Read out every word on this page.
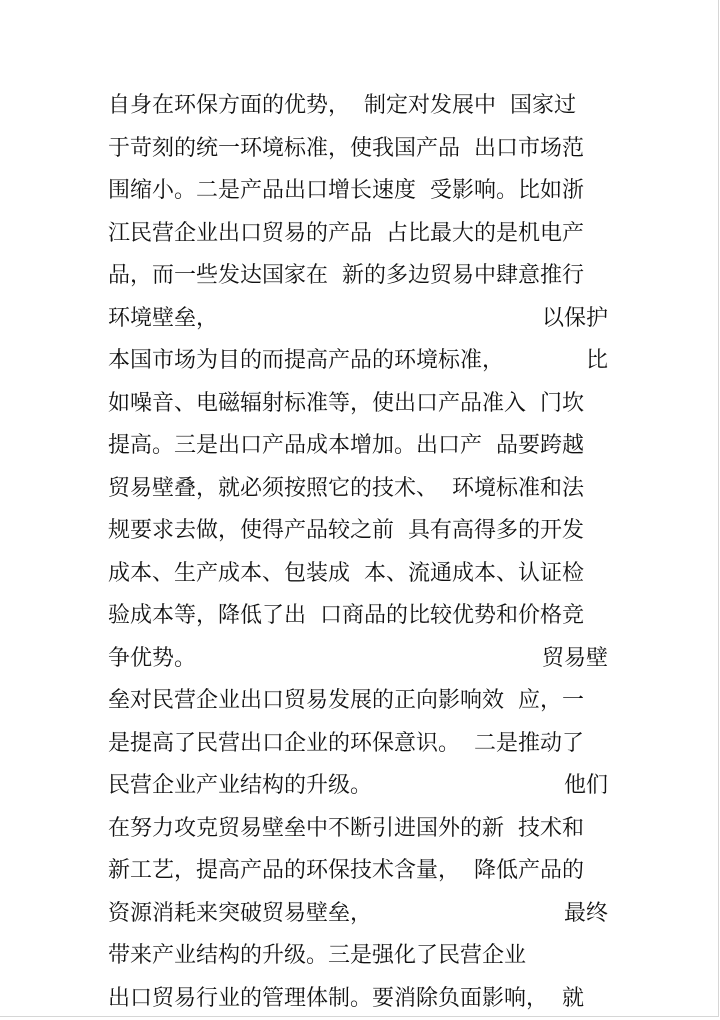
自身在环保方面的优势，  制定对发展中  国家过
于苛刻的统一环境标准，使我国产品  出口市场范
围缩小。二是产品出口增长速度  受影响。比如浙
江民营企业出口贸易的产品  占比最大的是机电产
品，而一些发达国家在  新的多边贸易中肆意推行
环境壁垒，	以保护
本国市场为目的而提高产品的环境标准，	比
如噪音、电磁辐射标准等，使出口产品准入  门坎
提高。三是出口产品成本增加。出口产  品要跨越
贸易壁叠，就必须按照它的技术、  环境标准和法
规要求去做，使得产品较之前  具有高得多的开发
成本、生产成本、包装成  本、流通成本、认证检
验成本等，降低了出  口商品的比较优势和价格竞
争优势。	贸易壁
垒对民营企业出口贸易发展的正向影响效  应，一
是提高了民营出口企业的环保意识。  二是推动了
民营企业产业结构的升级。	他们
在努力攻克贸易壁垒中不断引进国外的新  技术和
新工艺，提高产品的环保技术含量，  降低产品的
资源消耗来突破贸易壁垒，	最终
带来产业结构的升级。三是强化了民营企业
出口贸易行业的管理体制。要消除负面影响，  就
